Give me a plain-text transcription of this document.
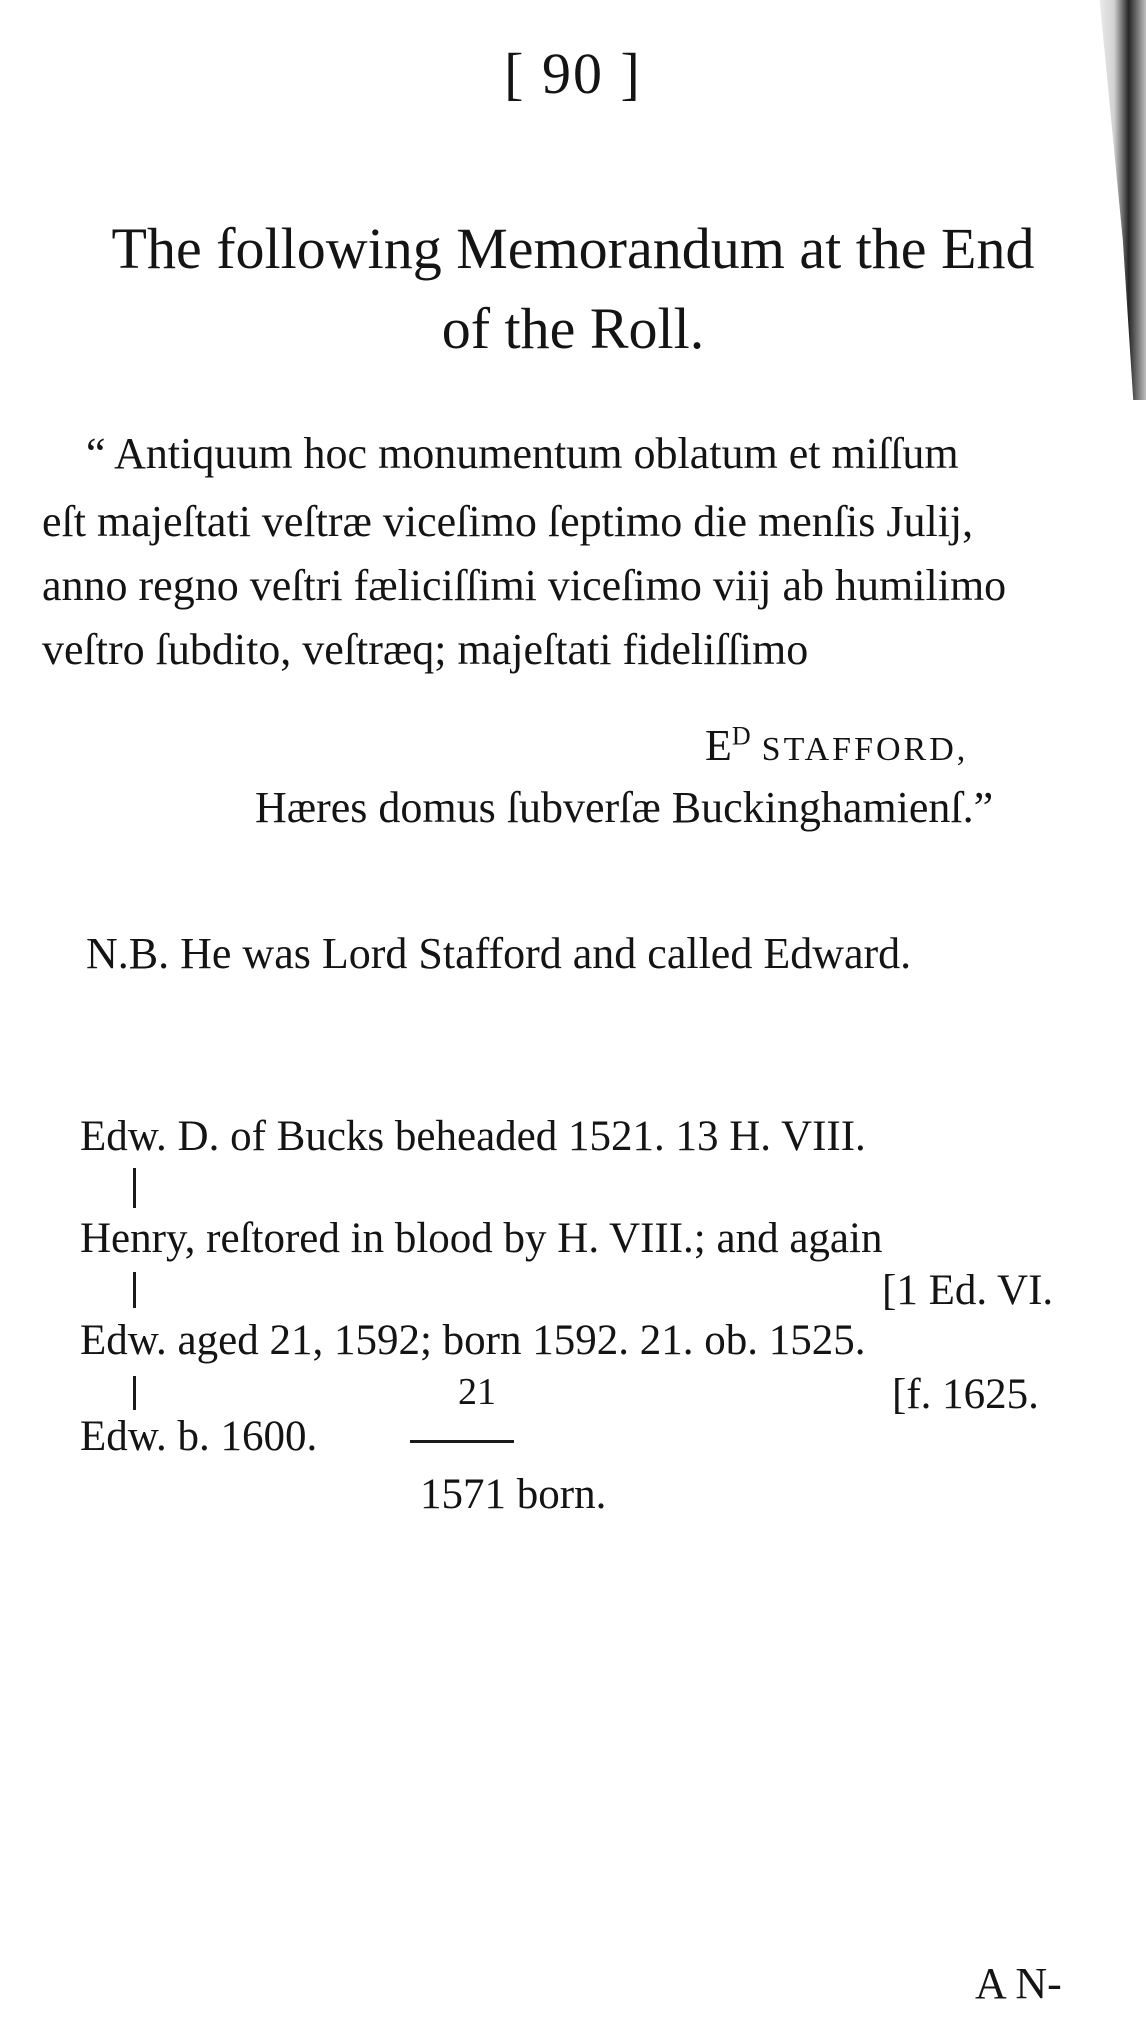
[ 90 ]
The following Memorandum at the End
of the Roll.
“ Antiquum hoc monumentum oblatum et miſſum
eſt majeſtati veſtræ viceſimo ſeptimo die menſis Julij,
anno regno veſtri fæliciſſimi viceſimo viij ab humilimo
veſtro ſubdito, veſtræq; majeſtati fideliſſimo
$E^D$ STAFFORD,
Hæres domus ſubverſæ Buckinghamienſ.”
N.B. He was Lord Stafford and called Edward.
Edw. D. of Bucks beheaded 1521. 13 H. VIII.
Henry, reſtored in blood by H. VIII.; and again
[1 Ed. VI.
Edw. aged 21, 1592; born 1592. 21. ob. 1525.
21	[f. 1625.
Edw. b. 1600.
1571 born.
A N-
